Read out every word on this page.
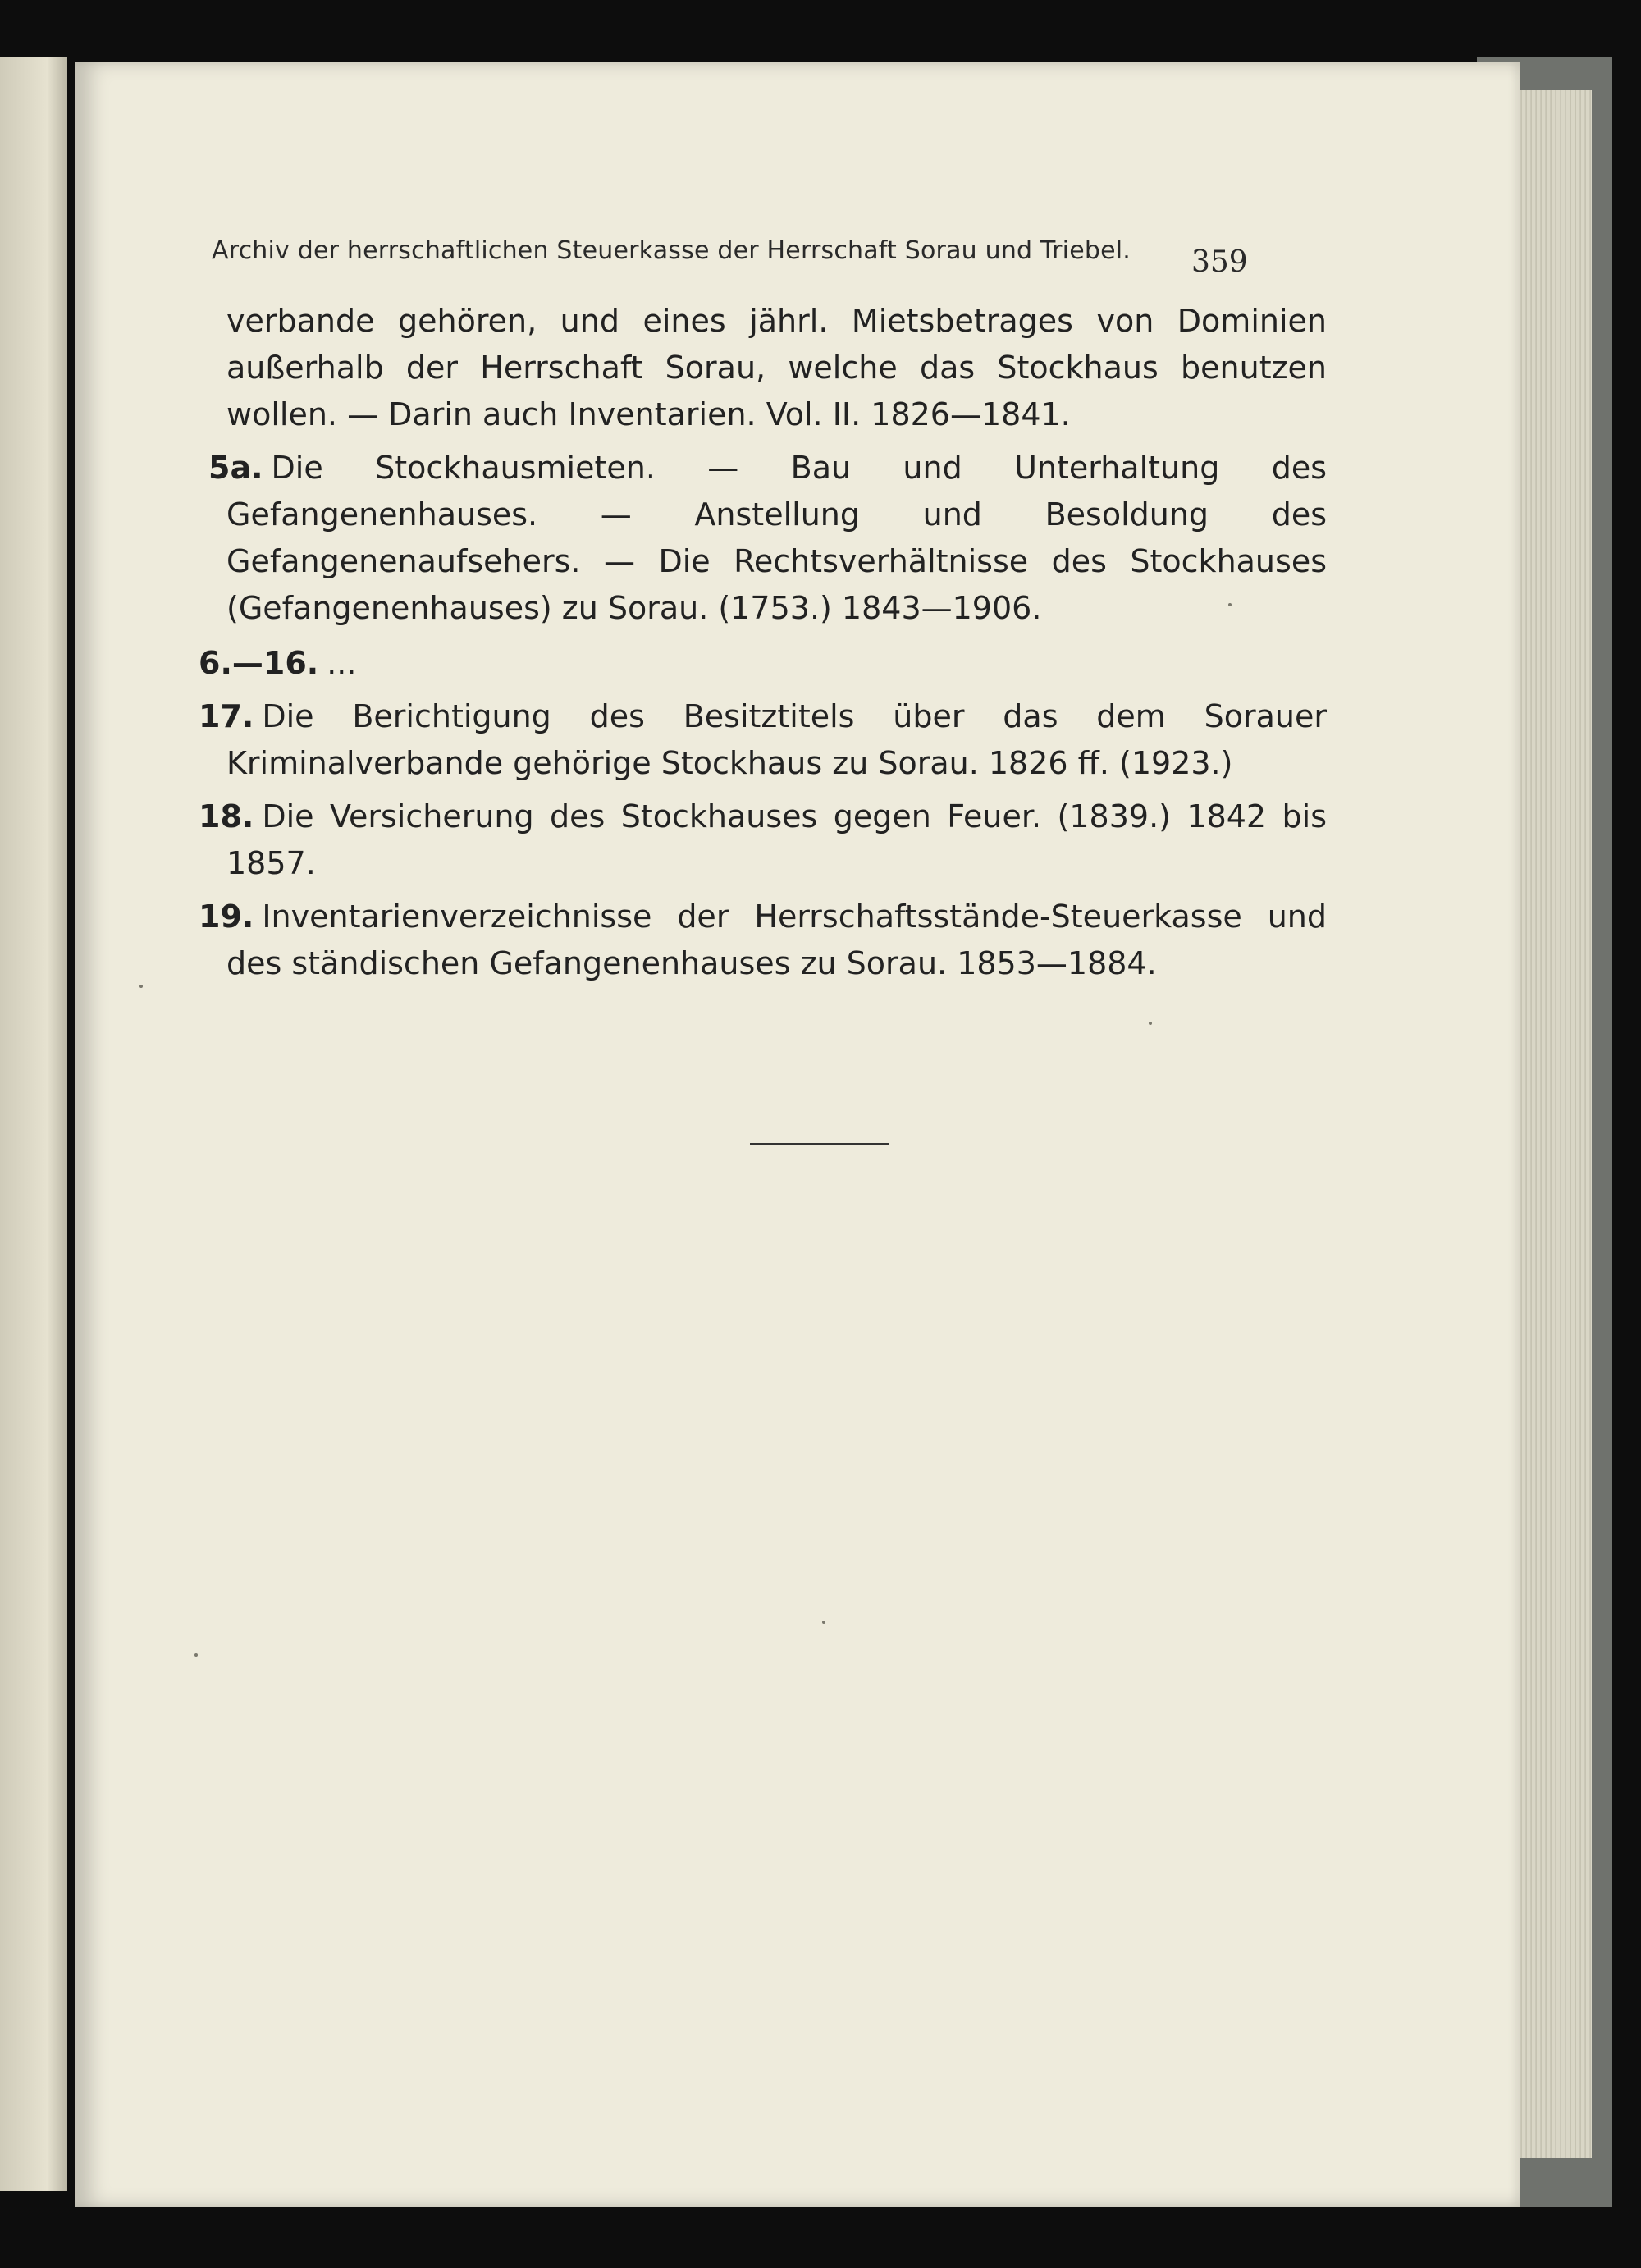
Archiv der herrschaftlichen Steuerkasse der Herrschaft Sorau und Triebel.	359

verbande gehören, und eines jährl. Mietsbetrages von Dominien außerhalb der Herrschaft Sorau, welche das Stockhaus benutzen wollen. — Darin auch Inventarien. Vol. II. 1826—1841.

5a. Die Stockhausmieten. — Bau und Unterhaltung des Gefangenenhauses. — Anstellung und Besoldung des Gefangenenaufsehers. — Die Rechtsverhältnisse des Stockhauses (Gefangenenhauses) zu Sorau. (1753.) 1843—1906.

6.—16. ...

17. Die Berichtigung des Besitztitels über das dem Sorauer Kriminalverbande gehörige Stockhaus zu Sorau. 1826 ff. (1923.)

18. Die Versicherung des Stockhauses gegen Feuer. (1839.) 1842 bis 1857.

19. Inventarienverzeichnisse der Herrschaftsstände-Steuerkasse und des ständischen Gefangenenhauses zu Sorau. 1853—1884.
